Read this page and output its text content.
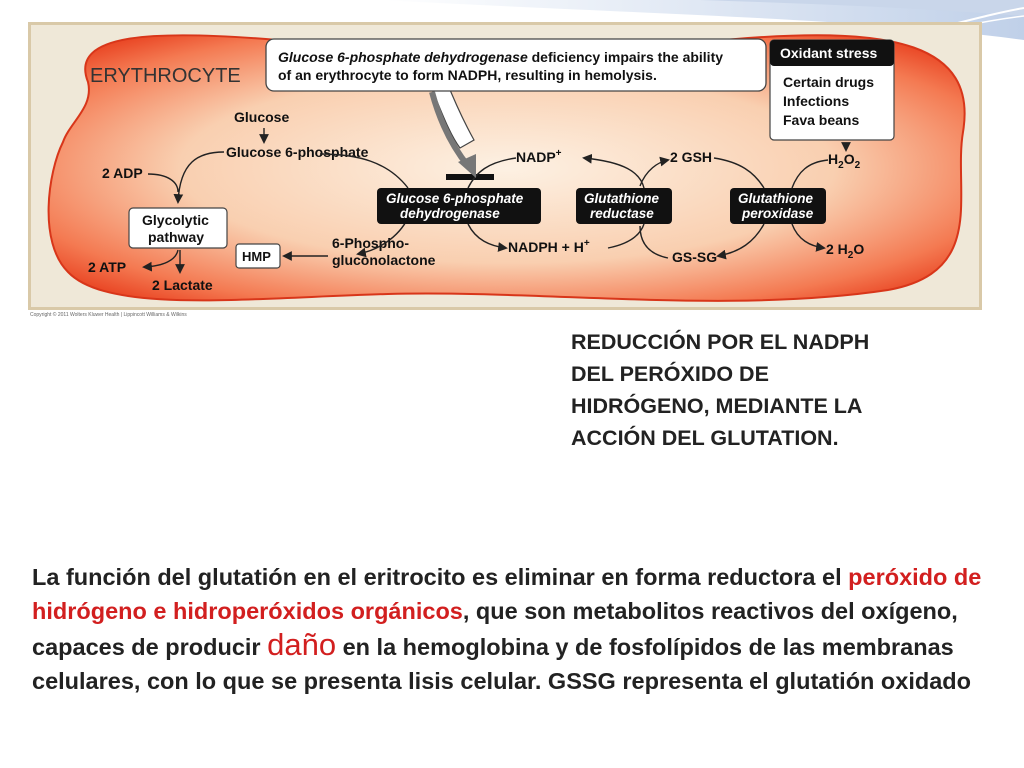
ERYTHROCYTE
Glucose 6-phosphate dehydrogenase deficiency impairs the ability
of an erythrocyte to form NADPH, resulting in hemolysis.
Oxidant stress
Certain drugs
Infections
Fava beans
Glucose
Glucose 6-phosphate
2 ADP
Glycolytic
pathway
2 ATP
2 Lactate
HMP
6-Phospho-
gluconolactone
Glucose 6-phosphate
dehydrogenase
NADP+
NADPH + H+
Glutathione
reductase
2 GSH
GS-SG
Glutathione
peroxidase
$H_2O_2$
2 $H_2O$
Copyright © 2011 Wolters Kluwer Health | Lippincott Williams & Wilkins
REDUCCIÓN POR EL NADPH
DEL PERÓXIDO DE
HIDRÓGENO, MEDIANTE LA
ACCIÓN DEL GLUTATION.
La función del glutatión en el eritrocito es eliminar en forma reductora el peróxido de hidrógeno e hidroperóxidos orgánicos, que son metabolitos reactivos del oxígeno, capaces de producir daño en la hemoglobina y de fosfolípidos de las membranas celulares, con lo que se presenta lisis celular. GSSG representa el glutatión oxidado
